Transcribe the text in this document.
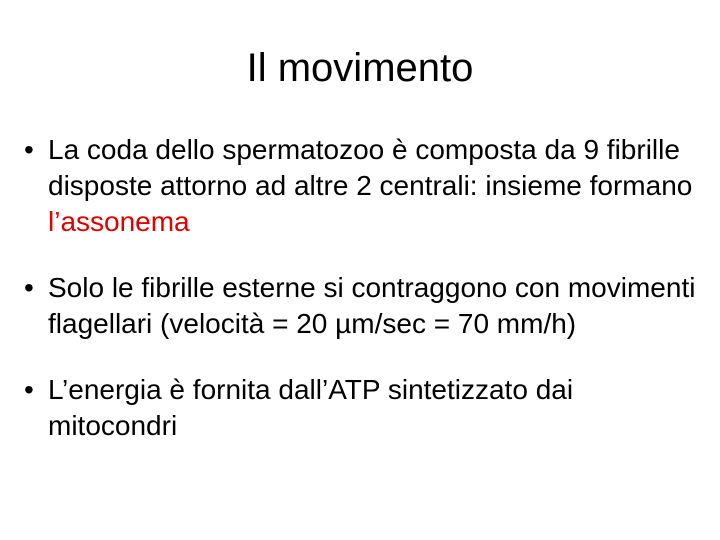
Il movimento
• La coda dello spermatozoo è composta da 9 fibrille disposte attorno ad altre 2 centrali: insieme formano l’assonema
• Solo le fibrille esterne si contraggono con movimenti flagellari (velocità = 20 µm/sec = 70 mm/h)
• L’energia è fornita dall’ATP sintetizzato dai mitocondri
